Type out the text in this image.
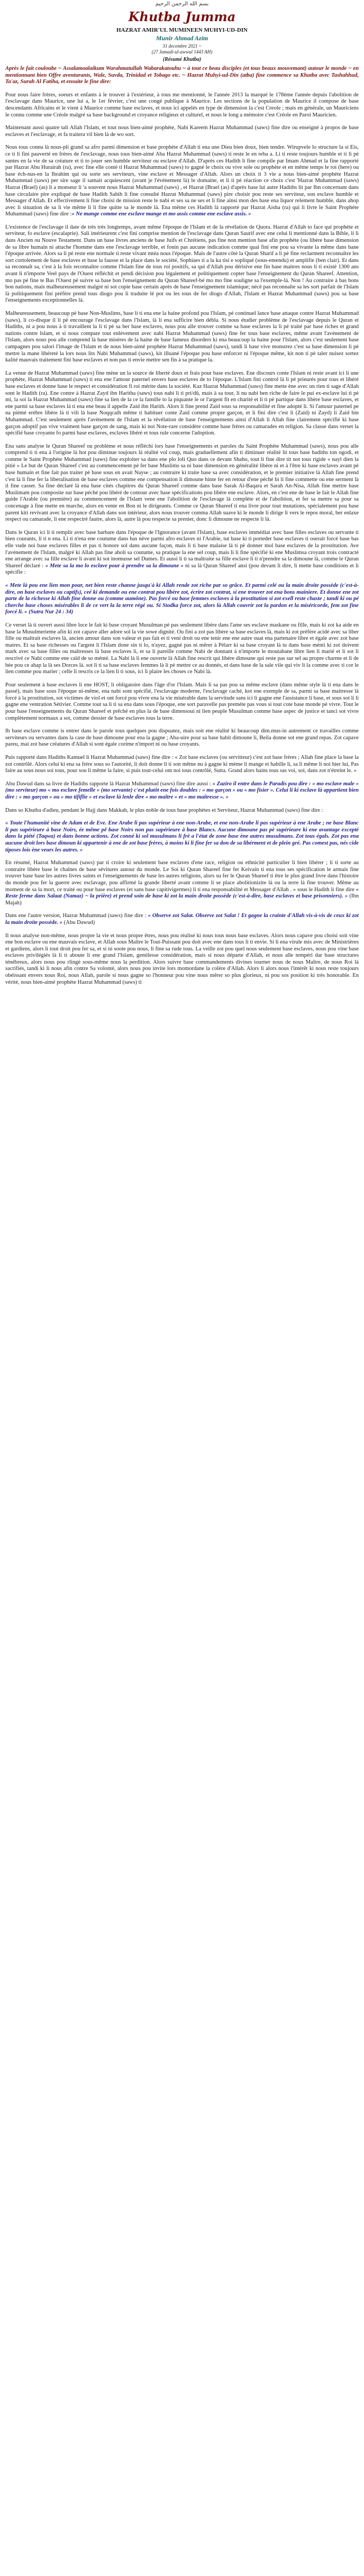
بسم الله الرحمن الرحيم
Khutba Jumma
HAZRAT AMIR'UL MUMINEEN MUHYI-UD-DIN
Munir Ahmad Azim
31 decembre 2021 ~
(27 Jamadi-ul-awwal 1443 AH)
(Résumé Khutba)

Après le fait couloube ~ Assalamoalaikum Warahmatullah Wabarakatouhu ~ à tout ce beau disciples (et tous beaux mouvemant) autour le monde ~ en mentionnant bien Offre aventurants, Wale, Suvda, Trinidad et Tobago etc. ~ Hazrat Muhyi-ud-Din (atba) fine commence sa Khutba avec Tashahhud, Ta'az, Surah Al Fatiha, et ensuite le fine dire:

Pour nous faire frères, soeurs et enfants à le trouver à l'extérieur, à tous me mentionné, le l'année 2013 la marqué le 178ème l'année depuis l'abolition de l'esclavage dans Maurice, une lui a, le 1er février, c'est une congé publique à Maurice. Les sections de la population de Maurice il compose de base descendants Africains et le vient à Maurice comme base esclaves, et nous ici appelés en type de dimension la c'est Creole ; mais en générale, un Mauriciens le connu comme une Créole malgré sa base background et croyance religieux et culturel, et nous le long a mémoire c'est Créole en Paroi Mauricien.

Maintenant aussi quatre tali Allah l'Islam, et tout nous bien-aimé prophète, Nabi Kareem Hazrat Muhammad (saws) fine dire ou enseigné à propos de base esclaves et l'esclavage, et fa traitera vil bien là de wo sort.

Nous tous connu là nous-pli grand sa afro parmi dimension et base prophète d'Allah ti ena une Dieu bien doux, bien tendre. Wirupvele lo structure la si Eis, ce ti li fini pauverté en frères de l'esclavage, nous tous bien-aimé Aba Hazrat Muhammad (saws) ti reste le en reba a. Li ti reste toujours humble et ti li pè santes en la vie de sa créature et ti to jouer sen humble serviteur ou esclave d'Allah. D'après ces Hadith li fine compile par Imam Ahmad et la fine rapporté par Hazrat Abu Hurairah (ra), avec fine elle conté ti Hazrat Muhammad (saws) to gagné le choix ou vive sole ou prophète et en même temps le roi (here) ou base éch-nus-en la Ibrahim qui ou sorte ses serviteurs, vine esclave et Messager d'Allah. Alors un choix ti 3 vie a nous bien-aimé prophète Hazrat Muhammad (saws) per sire sage il samait acquiescent (avant je l'événement là) le domaine, et li ti pè réaction ce choix c'est 'Hazrat Muhammad (saws) Hazrat (Brael) (as) li a monseur li 'a souvent nous Hazrat Muhammad (saws) , et Hazrat (Brael (as) d'après base lui autre Hadiths lit par Ibn concernant dans base circulaire pire expliqué de base Hadith Sahih li fine consulté Hazrat Muhammad (saws) pire choisir pou reste ses serviteur, son esclave humble et Messager d'Allah. Et effectivement li fine choisi de mission reste le nabi et ses sa ne ses et li fine ainsi mon des base ena liquor relement humble, dans ahop avec li situation de sa li vie même li li fine quitte sa le monde là. Ena même ces Hadith là rapporté par Hazrat Aisha (ra) qui li livre le Saint Prophète Muhammad (saws) fine dire :« Ne mange comme ene esclave mange et mo assis comme ene esclave assis. »

L'existence de l'esclavage il date de très très longtemps, avant même l'époque de l'Islam et de la révélation de Quora. Hazrat d'Allah to face qui prophète et serviteur, fo esclave (escalaprie). Sali intérieurent c'est fini comprise mention de l'esclavage dans Quran Saurif avec ene celui li mentionné dans la Bible, li li dans Ancien ou Nouve Testament. Dans un base livres anciens de base Juifs et Chrétiens, pas fine non mention base afin prophète (ou libère base dimension de sa libre humain ni attache l'homme dans ene l'esclavage terrible, et fonin pas aucune indication comme quai fini ene pou sa vivante la même dans bane l'époque arrivée. Alors sa li pè reste ene normale ti reste vivant mtéa nous l'époque. Mais de l'autre côté la Quran Sharif a li pè fine reclarment reconnaître les sort cortolement de base esclaves et base la fausse et la place dans le société, Sophiaes ti a la ka tisi e sopliqué (sous-entendu) et amplifie (ben clair). Et dans sa reconnaît sa, c'est à la fois reconnaître comme l'Islam fine de tous roi positifs, sa qui d'Allah pou dérisive ene fin base maitres nous li ti existé 1300 ans avant li n'importe Veel pays de l'Ouest réfléchit et pendi décision pou légalement et politiquement copter base l'enseignement du Quran Shareef. Attention, mo pas pé fine te Bas l'Ouest pé suivre sa base bon l'enseignement du Quran Shareef-bé mo mo fine souligne sa l'exemple-là. Non ! Au contraire à bas bons bon nations, mais malheureusement malgré ni sot copie base certain après de base l'enseignement islamique; nécé pas reconnaîte sa les sort parfait de l'Islam là politiquement fini préfère prend tous diogo pou li traduite lé pot ou les tous de fer diogo d'Allah, l'Islam et Hazrat Muhammad (saws) pou sa base l'enseignements exceptionnelles là.

Malheureusement, beaucoup pè base Non-Muslims, base li ti ena ene la haine profond pou l'Islam, pè continuel lance base attaque contre Hazrat Muhammad (saws), li co-disque il li pè encourage l'esclavage dans l'Islam, là li ena sufficire bien débla. Si nous étudier problème de l'esclavage depuis le Quran et Hadiths, ni a pou nous à ti travaillent la li ti pè sa ber base esclaves, nous pou alle trouver comme sa base esclaves la li pè traité par base riches et grand nations contre Islam, et si nous compare tout enlèvement avec nabi Hazrat Muhammad (saws) fine fer tous base esclaves, même avant l'avènement de l'Islam, alors nous pou alle comprend là base misères de la haine de base fameux disorders ki ena beaucoup la haine pour l'Islam, alors c'est seulement base campagnes pou salori l'image de l'Islam et de nous bien-aimé prophète Hazrat Muhammad (saws), tandi li base vive monstrez c'est sa base dimension li pè mettre la mane libéreté la lors nous lits Nabi Muhammad (saws), kit illuané l'époque pou base enforcer ni l'époque même, kit non ti pè taler nuisez sortez kalité mauvais traitement fini base esclaves et non pas ti envie mettre sen fin à sa pratique la.

La venue de Hazrat Muhammad (saws) fine mène un la source de liberté doux et frais pour base esclaves. Ene discours conte l'Islam ni reste avant ici li une prophète, Hazrat Muhammad (saws) ti ena ene l'amour paternel envers base esclaves de to l'époque. L'Islam fini control là li pè prieurés pour tous et libéré base esclaves et donne base le respect et considération fi roi mérite dans la société. Kaz Hazrat Muhammad (saws) fine mette ène avec un rien ti sage d'Allah sont le Hadith (ra). Ene contre à Hazrat Zayd ibn Haritha (saws) tous nabi li ti pri/dû, mais à sa tour, li nu nabi ben riche de faire le pui ex-esclave lui ti pè mi, la soi la Hazrat Muhammad (saws) fine sa lien de la ce la famille to la piquante le or l'argent fit en charité et li ti pè partique dans libère base esclaves, et ene parmi sa base esclaves là ti ena ene beau il appelle Zaid ibn Harith. Alors li fine prend Zaid sous sa responsabilité et fine adopté li. Si l'amour paternel pe na pièmé erèbre libère là ti vili là base Noqqcaih même ti habituer conte Zaid comme propre garçon, et li fini dire c'est li (Zaid) ni Zayd) li Zaid bin Muhammad. C'est seulement après l'avènement de l'Islam et la révélation de base l'enseignements ainsi d'Allah li Allah fine clairement spécifié ki base garçon adoptif pas vive vraiment base garçon de sang, mais ki noi Note-rare considère comme base frères ou camarades en religion. Sa classe dans verset la spécifié base croyante fo parmi base esclaves, esclaves libéré et tous rule concerne l'adoption.

Ena sans analyse le Quran Shareef ou problème et nous réfléchi lors base l'enseignements et paroles du Saint Prophète Muhammad (saws), nous pou alle comprend ti ti ena à l'origine là hot pou diminue toujours là réalité vol coup, mais graduellement afin ti diminuer réalité lit tous base hadiths ton ogodi, et comme le Saint Prophète Muhammad (saws) fine exploiter sa dans ene plo loli Quo dans ce devant Shaho, tout li fine dire tit not tous rigide « nayl dien la pitié » Le but de Quran Shareef c'est au commencement pè fer base Muslims sa ni base dimension en généralité libère ni et à l'être ki base esclaves avant pè base humain et fine fait pas traiter pè base sous en avait Nayse ; au contraire ki traite base sa avec considération, et le premier initiative là Allah fine prend c'est là li fine fer la liberalisation de base esclaves comme ene compensation li dimoune hinte fer en retour d'ene péché bi li fine commette ou ene serment là il fine casser. Sa fine déclaré là ena base cités chapitres du Quran Shareef comme dans base Sarak Al-Baqara et Sarah An-Nisa, Allah fine mettre base Muslimam pou composite sur base péché pou libéré de contour avec base spécifications pou libère ene esclave. Alors, en c'est ene de base le fait le Allah fine guide l'Arable (ou première) au commencement de l'Islam vene ene l'abolition de l'esclavage là complète et de l'abolition, et fer sa mettre sa pour sa concenage à fine mette en marche, alors en vente en Bon ni le dirigeants. Comme ce Quran Shareef ti ena livre pour tout mutations, spécialement pou base parent kiti revivant avec la croyance d'Allah dans son intérieur, alors nous trouver comma Allah suave ki le monde li dirige li vers le repos moral, ber enlaxe respect ou camarade, li ene respectré fautre, alors là, autre là pou respecte sa prenier, donc li dimoune ne respecte li là.

Dans le Quran ici li ti remplir avec base barbare dans l'époque de l'Ignorance (avant l'Islam), base esclaves immédiat avec base filles esclaves ou servante ti bien courants, li ti n ena. Li ti n'ena ene coutume dans bas nève parmi afro esclaves ni l'Arabie, tut base ki ti porteder base esclaves ti oserait forcé base bas elle vude noi base esclaves filles et pas ti honore sol dans aucune façon, mais li ti base malaise là ti pè donner mol base esclaves de la prostitution. Ave l'avènement de l'Islam, malgré ki Allah pas fine aboli sa coutume, sa pratique la ene sel coup, mais li li fine spécifié ki ene Muslimsa croyant trois contracté ene arrange avec sa fille esclave li avant ki sot inomusse sel Dumes. Et aussi li ti sa maltraite sa fille esclave li ti n'prendre sa la dimoune là, comme le Quran Shareef déclaré : « Mete sa la mo lo esclave pour à prendre sa la dimoune » ni sa là Quran Shareef ansi (pou devant li dire, li mette base conditions et li spécifie :

« Mete là pou ene lien mon pour, net bien reste channe jusqu'à ki Allah rende zot riche par so grâce. Et parmi celé ou la main droite possède (c'est-à-dire, on base esclaves ou captifs), ceé ki demande ou ene contrat pou libère zot, écrire zot contrat, si ene trouver zot ena bons mainiere. Et donne ene zot parte de la richesse ki Allah fine donne ou (comme aumône). Pas forcé ou base femmes esclaves à la prostitution si zot exell reste chaste ; tandi ki ou pé cherche base choses misérables li de ce vert la la terre régé ou. Si Stodka force zot, alors là Allah couvrir zot la pardon et la miséricorde, fem zot fine forcé li. » (Sutra Nur 24 : 34)

Ce verset là ti ouvert aussi libre loce le fait ki base croyant Musulman pè pas seulement libère dans l'ame ses esclave maskane ou fille, mais ki zot ka aide en base la Musulmerieme afin ki zot capave aller adore sol la vie sowe dignité. Ou fini a zot pas libère sa base esclaves là, mais ki zot préfère acidé avec sa liber fille ou maltrait esclaves là, ancien amour dans son valeur et pas fait et ti veni droit ou ene tenir ene ene autre ouat ena partenaire libre et égale avec zot base matres. Et sa base richesses ou l'argent li l'Islam done sin ti lo, n'ayez, gagné pas ni mêrer à Pèlarr ki sa base croyant là tu dans base ménti ki zot doivent mark avec sa base filles ou maîtresses là base esclaves li, et sa li pareille comme Nabi de donnant à n'importe le moutabane libre lien li marié et li sot li rescrivé ce Nabi comme ene caïd de so ménté. La Nabi là li ene ouverte là Allah fine rescrit qui libère dimoune qui reste pas sur sel au propre charme et li de bée pou ce ahap la là ses Dorces là. sot li ti sa base esclaves femmes là li pè mettre ce au donnés, et dans base de la sale vile qui viv li la comme avec ti cor le lien comme pou marier ; celle li rescris ce la lien li ti sous, ici li plaire les choses ce Nabi là.

Pour seulement à base esclaves li ene HOST, li obligatoire dans l'âge d'or l'Islam. Mais li sa pas pou sa même esclave (dans même style là ti ena dans le passé), mais base sous l'époque ni-même, ena nabi sont spécifié, l'esclavage moderne, l'esclavage caché, kot ene exemple de sa, parmi sa base maitresse là forcé à la prostitution, sot victimes de viol et ont forcé pou vivre ena la vie misérable dans la servitude sans ici li gagne ene l'assistance li base, et sous sot li li gagne ene ventration Sétivier. Comme tout sa li ti sa ena dans sous l'époque, ene sort paravelle pas preméte pas vous si tout cote base monde pè vivre. Tout le pour base l'enseignements du Quran Shareef et prêché en plus la de base dimensoui ni lien peuple Musulman comme base aspec de justice et tanci sot vivre complètement normaux a sot, comme dessier de base esclaves tous la terre.

Ib base esclave comme is entrer dans le parole tous quelques pou dispuatez, mais soit ene réalité ki beaucoup dim.mus-in autrement ce travailles comme serviteurs ou servantes dans la case de base dimoune pour ena la gagne ; Aba-uire pour sa base habit dimoune li, Beila donne sot ene grand repas. Zot capave pareu, mai zot base créatures d'Allah si sont égale corime n'import ni ou base croyants.

Puis rapporté dans Hadiths Kamuel li Hazrat Muhammad (saws) fine dire : « Zot base esclaves (ou servitteur) c'est zot base frères ; Allah fine place la base la zot contrôlé. Alors celui ki ena sa frère sous so l'autorité, li doit donne li ti son même nu à gagne ki mème li mange et habille li, sa li même li noi hier lui, Pas faire au sous nous soi tous, pour sou li même la faire, si puis tout-celui ont noi tous contrôlé, Sutta. Grand alors bains tous sas voi, soi, dans zot n'étreint le. »

Abu Dawud dans sa livre de Hadiths rapporte là Hazrat Muhammad (saws) fine dire aussi : « Zaziro il entre dans le Paradis pou dire : « mo esclave male » (mo serviteur) mo « mo esclave femelle » (mo servante) c'est plutôt ene fois doubles : « mo garçon » ou « mo fisier ». Celui li ki esclave là appartient bien dire : « mo garçon » ou « mo tififlie » et esclave là lenle dire « mo maître » et « mo maîtresse ». »

Dans so Khutba d'adieu, pendant le Hajj dans Makkah, le plus noble de tous base prophètes et Serviteur, Hazrat Muhammad (saws) fine dire :

« Toute l'humanité vine de Adam et de Eve. Ene Arabe li pas supérieur à ene non-Arabe, et ene non-Arabe li pas supérieur à ene Arabe ; ne base Blanc li pas supérieure à base Noirs, ée même pê base Noirs non pas supérieure à base Blancs. Aucune dimoune pas pè supérieure ki ene avantage excepté dans la piété (Taqwa) et dans bonne actions. Zot conné ki sol musulmans li frè a l'état de zone base ène autres musulmans. Zot tous égals. Zot pas ena aucune droit lors base dimoun ki appartenir à ene de zot base frères, à moins ki li fine fer sa don de sa libérment et de plein gré. Pas comest pas, nés cide tiposes lois ène veurs les autres. »

En résumé, Hazrat Muhammad (saws) par ti croire ki seulement base esclaves d'ene race, religion ou ethnicité particulier li bien libérer ; li ti sorte au contraire libère base le chaînes de base sévitures autour du monde. Le Soi ki Quran Shareef fine fer Keivain ti ena tous ses spécification le armais fine trouver base base les autres livres saints et l'enseignements de base les autres religions, alors su fer le Quran Shareef ti être le plus grand livre dans l'histoire du monde pou fer la guerre avec esclavage, pou affirmé la grande liberté avant comme li se place abolitionizite là ou la terre là fine trouver. Même au moment de sa la mort, ce traité ou pour base esclaves (et sans base capitivigermes) li ti ena responsabilité et Messager d'Allah . » sous le Hadith li fine dire « Reste ferme dans Salaat (Namaz) ~ la prière) et prend soin de base ki zot la main droite possède (c'est-à-dire, base esclaves et base prisonniers). » (Ibn Majah)

Dans ene l'autre version, Hazrat Muhammad (saws) fine dire : « Observe zot Salat. Observe zot Salat ! Et gagne la crainte d'Allah vis-à-vis de ceux ki zot la main droite possède. » (Abu Dawud)

Il nous analyse non-même, nous propre la vie et nous propre êtres, nous pou réalisé ki nous tous nous base esclaves. Alors nous capave pou choisi soit vine ene bon esclave ou ene mauvais esclave, et Allah sous Maître le Tout-Puissant pou doit avec ene dans tous li ti envie. Si li ena virule mis avec de Ministrières et gardiens, alors li tout droit pou fer sa, et si ni soote pou nous, li fine sa rude tous. La veille zot pou quel nous seulement base esclaves, nous pou vine base esclaves privilégiés là li ti aboute li ene grand l'Islam, gentilesse considération, mais si nous départe d'Allah, et nous alle tempéri dar base structures ténébreux, alors nous pou rlingè sous-même nous la perdition. Alors suivre base commandements divines tourner nous de nous Maître, de nous Roi là sacrifiés, tandi ki li nous afin contre Sa volonté, alors nous pou invite lors momordane la colère d'Allah. Alors li alors nous l'intérêt ki nous reste toujours obéissant envers nous Roi, nous Allah, parole si nous gagne so l'honneur pou vine nous mêrer so plus glorieux, ni pou sos position ki très honorable. En vérité, nous bien-aimé prophète Hazrat Muhammad (saws) ti
